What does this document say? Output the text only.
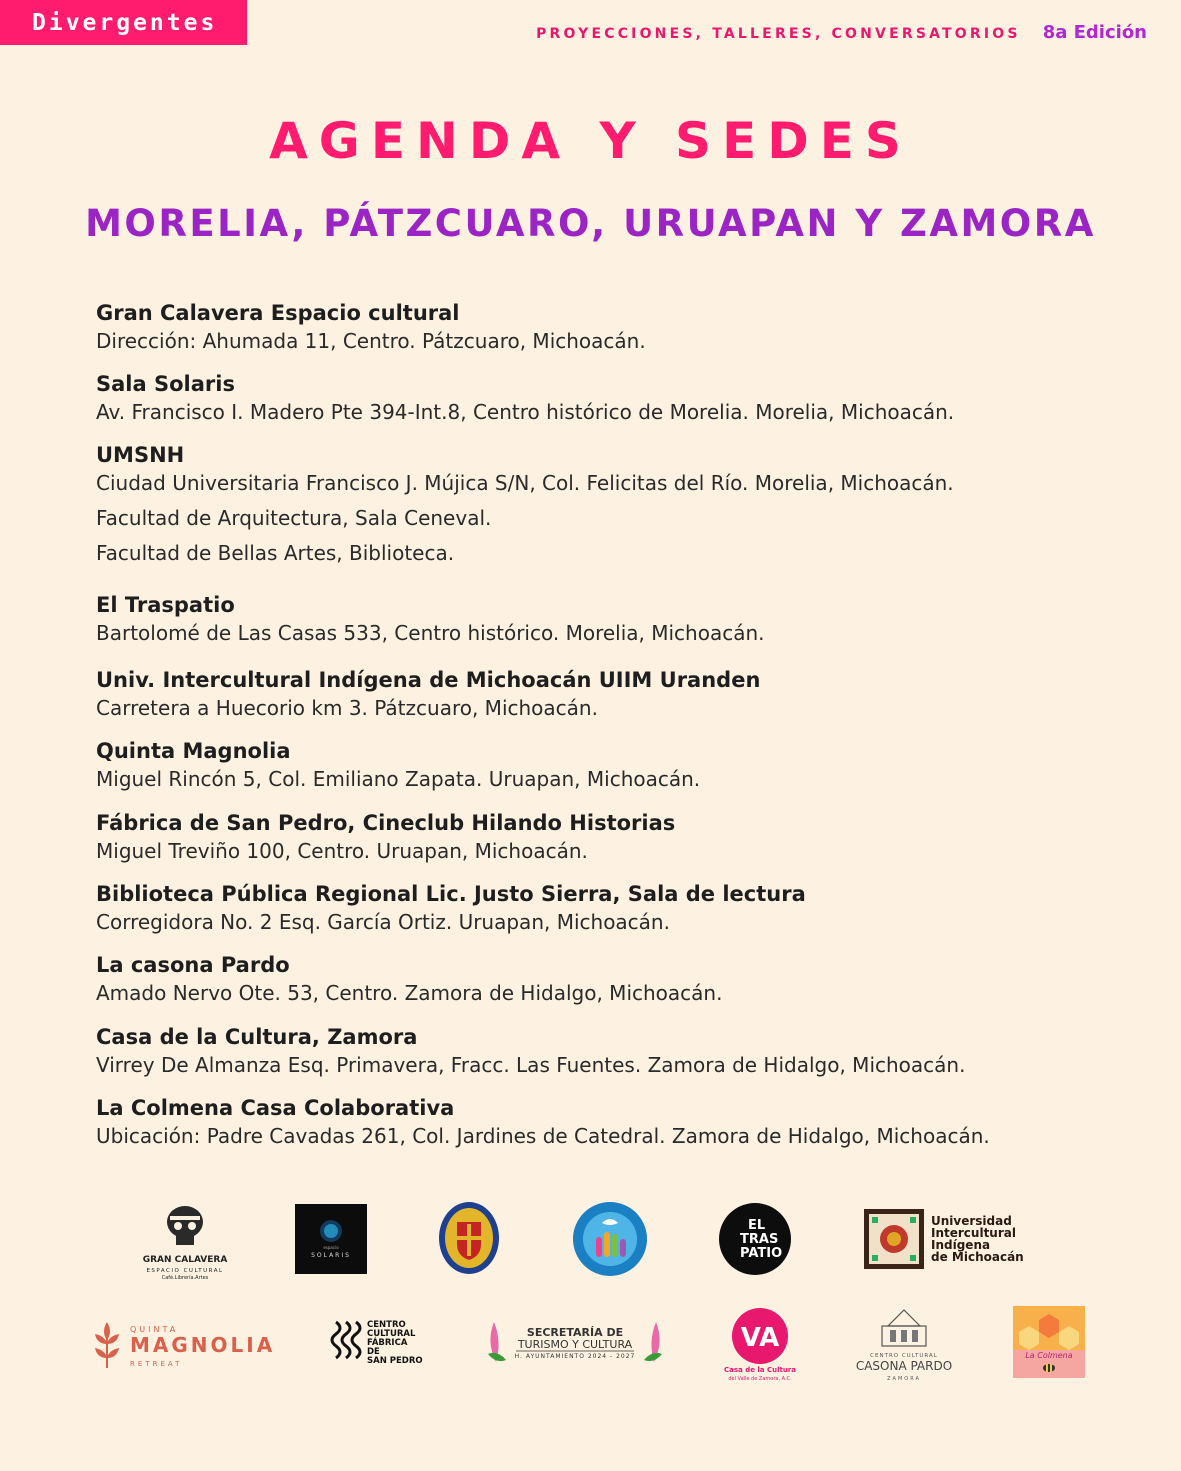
Divergentes	PROYECCIONES, TALLERES, CONVERSATORIOS 8a Edición
AGENDA Y SEDES
MORELIA, PÁTZCUARO, URUAPAN Y ZAMORA
Gran Calavera Espacio cultural
Dirección: Ahumada 11, Centro. Pátzcuaro, Michoacán.
Sala Solaris
Av. Francisco I. Madero Pte 394-Int.8, Centro histórico de Morelia. Morelia, Michoacán.
UMSNH
Ciudad Universitaria Francisco J. Mújica S/N, Col. Felicitas del Río. Morelia, Michoacán.
Facultad de Arquitectura, Sala Ceneval.
Facultad de Bellas Artes, Biblioteca.
El Traspatio
Bartolomé de Las Casas 533, Centro histórico. Morelia, Michoacán.
Univ. Intercultural Indígena de Michoacán UIIM Uranden
Carretera a Huecorio km 3. Pátzcuaro, Michoacán.
Quinta Magnolia
Miguel Rincón 5, Col. Emiliano Zapata. Uruapan, Michoacán.
Fábrica de San Pedro, Cineclub Hilando Historias
Miguel Treviño 100, Centro. Uruapan, Michoacán.
Biblioteca Pública Regional Lic. Justo Sierra, Sala de lectura
Corregidora No. 2 Esq. García Ortiz. Uruapan, Michoacán.
La casona Pardo
Amado Nervo Ote. 53, Centro. Zamora de Hidalgo, Michoacán.
Casa de la Cultura, Zamora
Virrey De Almanza Esq. Primavera, Fracc. Las Fuentes. Zamora de Hidalgo, Michoacán.
La Colmena Casa Colaborativa
Ubicación: Padre Cavadas 261, Col. Jardines de Catedral. Zamora de Hidalgo, Michoacán.
GRAN CALAVERA
ESPACIO CULTURAL
Café.Librería.Artes
espacio
SOLARIS
EL
TRAS
PATIO
Universidad
Intercultural
Indígena
de Michoacán
QUINTA
MAGNOLIA
RETREAT
CENTRO
CULTURAL
FÁBRICA
DE
SAN PEDRO
SECRETARÍA DE
TURISMO Y CULTURA
H. AYUNTAMIENTO 2024 - 2027
VA
Casa de la Cultura
del Valle de Zamora, A.C.
CENTRO CULTURAL
CASONA PARDO
ZAMORA
La Colmena
